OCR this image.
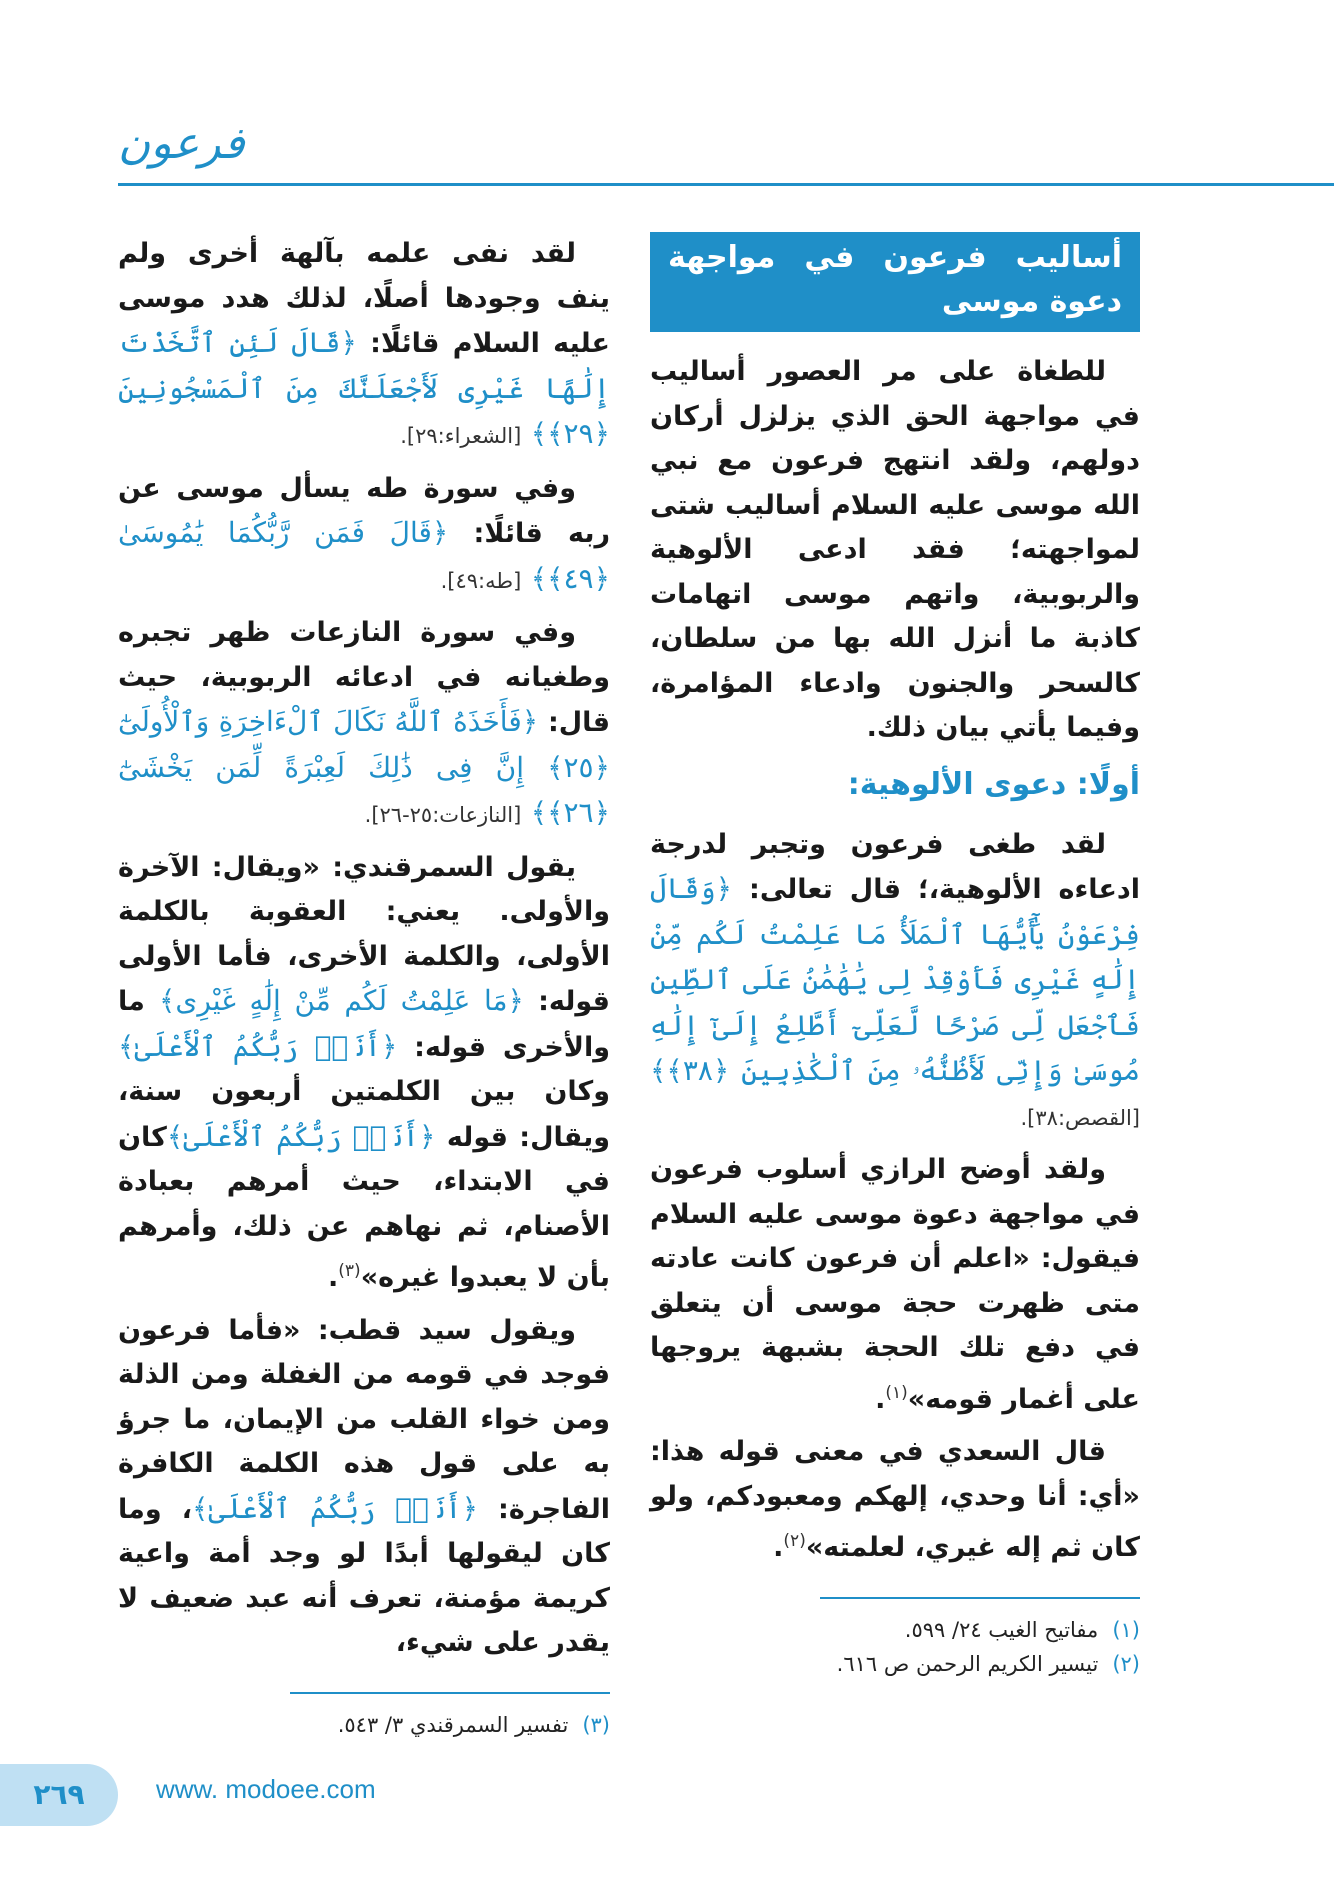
فرعون
أساليب فرعون في مواجهة دعوة موسى

للطغاة على مر العصور أساليب في مواجهة الحق الذي يزلزل أركان دولهم، ولقد انتهج فرعون مع نبي الله موسى عليه السلام أساليب شتى لمواجهته؛ فقد ادعى الألوهية والربوبية، واتهم موسى اتهامات كاذبة ما أنزل الله بها من سلطان، كالسحر والجنون وادعاء المؤامرة، وفيما يأتي بيان ذلك.

أولًا: دعوى الألوهية:

لقد طغى فرعون وتجبر لدرجة ادعاءه الألوهية،؛ قال تعالى: ﴿وَقَالَ فِرْعَوْنُ يَٰٓأَيُّهَا ٱلْمَلَأُ مَا عَلِمْتُ لَكُم مِّنْ إِلَٰهٍ غَيْرِى فَأَوْقِدْ لِى يَٰهَٰمَٰنُ عَلَى ٱلطِّينِ فَٱجْعَل لِّى صَرْحًا لَّعَلِّىٓ أَطَّلِعُ إِلَىٰٓ إِلَٰهِ مُوسَىٰ وَإِنِّى لَأَظُنُّهُۥ مِنَ ٱلْكَٰذِبِينَ ﴿٣٨﴾﴾ [القصص:٣٨].

ولقد أوضح الرازي أسلوب فرعون في مواجهة دعوة موسى عليه السلام فيقول: «اعلم أن فرعون كانت عادته متى ظهرت حجة موسى أن يتعلق في دفع تلك الحجة بشبهة يروجها على أغمار قومه»$^{(١)}$.

قال السعدي في معنى قوله هذا: «أي: أنا وحدي، إلهكم ومعبودكم، ولو كان ثم إله غيري، لعلمته»$^{(٢)}$.

(١)مفاتيح الغيب ٢٤/ ٥٩٩.
(٢)تيسير الكريم الرحمن ص ٦١٦.

لقد نفى علمه بآلهة أخرى ولم ينف وجودها أصلًا، لذلك هدد موسى عليه السلام قائلًا: ﴿قَالَ لَئِنِ ٱتَّخَذْتَ إِلَٰهًا غَيْرِى لَأَجْعَلَنَّكَ مِنَ ٱلْمَسْجُونِينَ ﴿٢٩﴾﴾ [الشعراء:٢٩].

وفي سورة طه يسأل موسى عن ربه قائلًا: ﴿قَالَ فَمَن رَّبُّكُمَا يَٰمُوسَىٰ ﴿٤٩﴾﴾ [طه:٤٩].

وفي سورة النازعات ظهر تجبره وطغيانه في ادعائه الربوبية، حيث قال: ﴿فَأَخَذَهُ ٱللَّهُ نَكَالَ ٱلْءَاخِرَةِ وَٱلْأُولَىٰٓ ﴿٢٥﴾ إِنَّ فِى ذَٰلِكَ لَعِبْرَةً لِّمَن يَخْشَىٰٓ ﴿٢٦﴾﴾ [النازعات:٢٥-٢٦].

يقول السمرقندي: «ويقال: الآخرة والأولى. يعني: العقوبة بالكلمة الأولى، والكلمة الأخرى، فأما الأولى قوله: ﴿مَا عَلِمْتُ لَكُم مِّنْ إِلَٰهٍ غَيْرِى﴾ ما والأخرى قوله: ﴿أَنَا۠ رَبُّكُمُ ٱلْأَعْلَىٰ﴾ وكان بين الكلمتين أربعون سنة، ويقال: قوله ﴿أَنَا۠ رَبُّكُمُ ٱلْأَعْلَىٰ﴾كان في الابتداء، حيث أمرهم بعبادة الأصنام، ثم نهاهم عن ذلك، وأمرهم بأن لا يعبدوا غيره»$^{(٣)}$.

ويقول سيد قطب: «فأما فرعون فوجد في قومه من الغفلة ومن الذلة ومن خواء القلب من الإيمان، ما جرؤ به على قول هذه الكلمة الكافرة الفاجرة: ﴿أَنَا۠ رَبُّكُمُ ٱلْأَعْلَىٰ﴾، وما كان ليقولها أبدًا لو وجد أمة واعية كريمة مؤمنة، تعرف أنه عبد ضعيف لا يقدر على شيء،

(٣)تفسير السمرقندي ٣/ ٥٤٣.
٢٦٩	www. modoee.com
